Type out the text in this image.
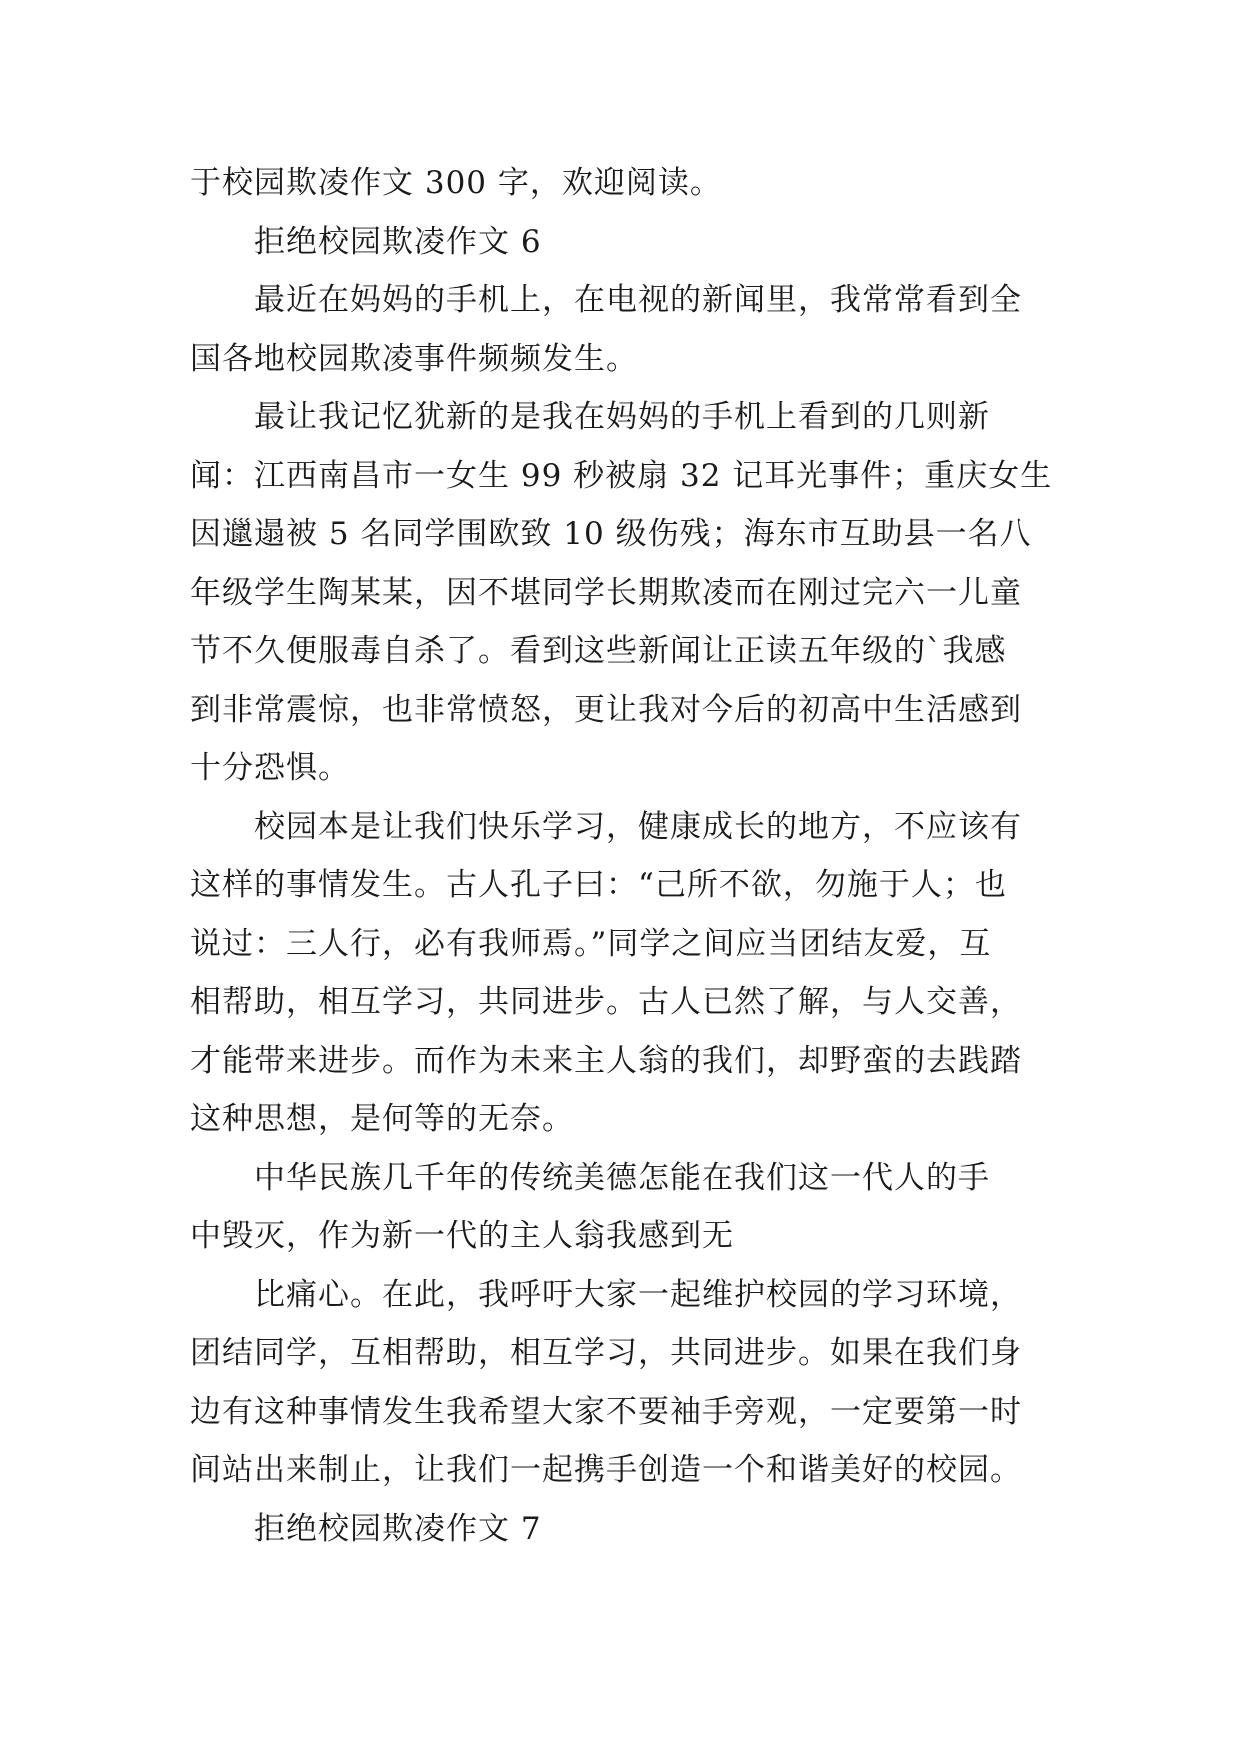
于校园欺凌作文 300 字，欢迎阅读。
拒绝校园欺凌作文 6
最近在妈妈的手机上，在电视的新闻里，我常常看到全
国各地校园欺凌事件频频发生。
最让我记忆犹新的是我在妈妈的手机上看到的几则新
闻：江西南昌市一女生 99 秒被扇 32 记耳光事件；重庆女生
因邋遢被 5 名同学围欧致 10 级伤残；海东市互助县一名八
年级学生陶某某，因不堪同学长期欺凌而在刚过完六一儿童
节不久便服毒自杀了。看到这些新闻让正读五年级的`我感
到非常震惊，也非常愤怒，更让我对今后的初高中生活感到
十分恐惧。
校园本是让我们快乐学习，健康成长的地方，不应该有
这样的事情发生。古人孔子曰：“己所不欲，勿施于人；也
说过：三人行，必有我师焉。”同学之间应当团结友爱，互
相帮助，相互学习，共同进步。古人已然了解，与人交善，
才能带来进步。而作为未来主人翁的我们，却野蛮的去践踏
这种思想，是何等的无奈。
中华民族几千年的传统美德怎能在我们这一代人的手
中毁灭，作为新一代的主人翁我感到无
比痛心。在此，我呼吁大家一起维护校园的学习环境，
团结同学，互相帮助，相互学习，共同进步。如果在我们身
边有这种事情发生我希望大家不要袖手旁观，一定要第一时
间站出来制止，让我们一起携手创造一个和谐美好的校园。
拒绝校园欺凌作文 7
